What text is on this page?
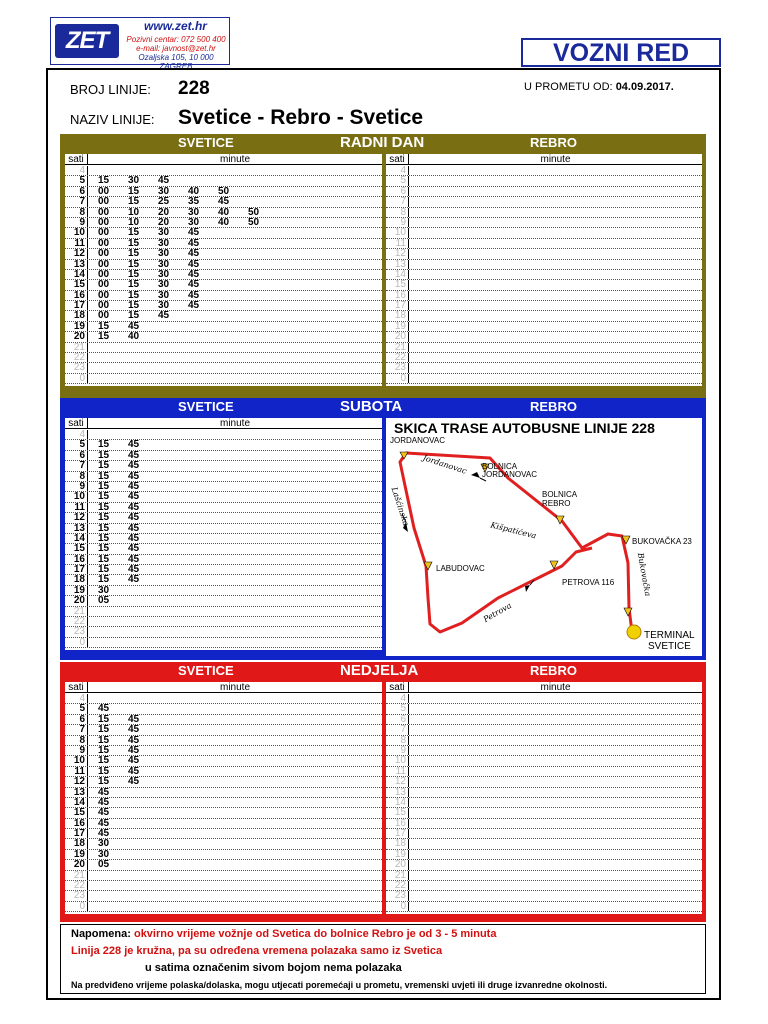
ZET
www.zet.hr
Pozivni centar: 072 500 400
e-mail: javnost@zet.hr
Ozaljska 105, 10 000 ZAGREB	VOZNI RED
BROJ LINIJE: 228	U PROMETU OD: 04.09.2017.
NAZIV LINIJE: Svetice - Rebro - Svetice
SVETICE	RADNI DAN	REBRO
sati	minute
4
5 15 30 45
6 00 15 30 40 50
7 00 15 25 35 45
8 00 10 20 30 40 50
9 00 10 20 30 40 50
10 00 15 30 45
11 00 15 30 45
12 00 15 30 45
13 00 15 30 45
14 00 15 30 45
15 00 15 30 45
16 00 15 30 45
17 00 15 30 45
18 00 15 45
19 15 45
20 15 40
21
22
23
0
sati	minute
4
5
6
7
8
9
10
11
12
13
14
15
16
17
18
19
20
21
22
23
0
SVETICE	SUBOTA	REBRO
sati	minute
4
5 15 45
6 15 45
7 15 45
8 15 45
9 15 45
10 15 45
11 15 45
12 15 45
13 15 45
14 15 45
15 15 45
16 15 45
17 15 45
18 15 45
19 30
20 05
21
22
23
0
SVETICE	NEDJELJA	REBRO
sati	minute
4
5 45
6 15 45
7 15 45
8 15 45
9 15 45
10 15 45
11 15 45
12 15 45
13 45
14 45
15 45
16 45
17 45
18 30
19 30
20 05
21
22
23
0
sati	minute
4
5
6
7
8
9
10
11
12
13
14
15
16
17
18
19
20
21
22
23
0
SKICA TRASE AUTOBUSNE LINIJE 228
JORDANOVAC
BOLNICA
JORDANOVAC
BOLNICA
REBRO
BUKOVAČKA 23
LABUDOVAC
PETROVA 116
TERMINAL
SVETICE
Jordanovac
Lašćinska
Kišpatićeva
Petrova
Bukovačka
Napomena: okvirno vrijeme vožnje od Svetica do bolnice Rebro je od 3 - 5 minuta
Linija 228 je kružna, pa su određena vremena polazaka samo iz Svetica
u satima označenim sivom bojom nema polazaka
Na predviđeno vrijeme polaska/dolaska, mogu utjecati poremećaji u prometu, vremenski uvjeti ili druge izvanredne okolnosti.
